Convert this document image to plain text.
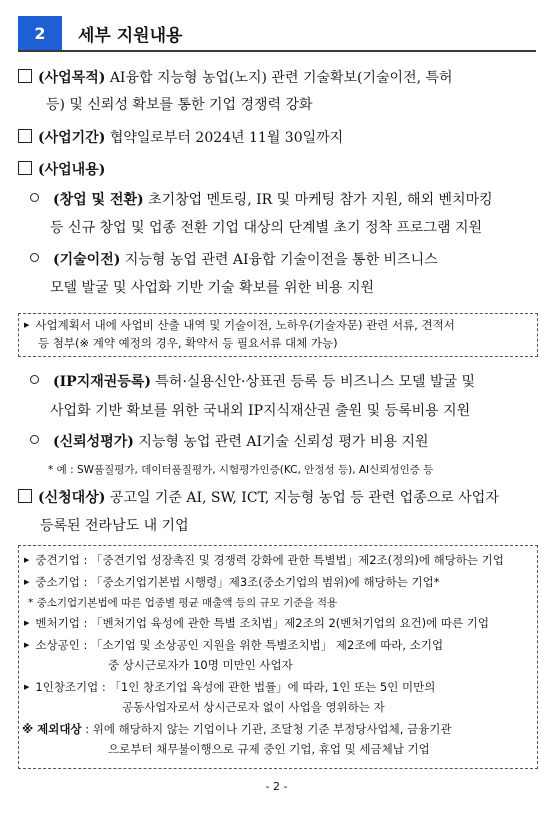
2	세부 지원내용
(사업목적) AI융합 지능형 농업(노지) 관련 기술확보(기술이전, 특허
등) 및 신뢰성 확보를 통한 기업 경쟁력 강화
(사업기간) 협약일로부터 2024년 11월 30일까지
(사업내용)
(창업 및 전환) 초기창업 멘토링, IR 및 마케팅 참가 지원, 해외 벤치마킹
등 신규 창업 및 업종 전환 기업 대상의 단계별 초기 정착 프로그램 지원
(기술이전) 지능형 농업 관련 AI융합 기술이전을 통한 비즈니스
모델 발굴 및 사업화 기반 기술 확보를 위한 비용 지원
▶ 사업계획서 내에 사업비 산출 내역 및 기술이전, 노하우(기술자문) 관련 서류, 견적서
등 첨부(※ 계약 예정의 경우, 확약서 등 필요서류 대체 가능)
(IP지재권등록) 특허·실용신안·상표권 등록 등 비즈니스 모델 발굴 및
사업화 기반 확보를 위한 국내외 IP지식재산권 출원 및 등록비용 지원
(신뢰성평가) 지능형 농업 관련 AI기술 신뢰성 평가 비용 지원
* 예 : SW품질평가, 데이터품질평가, 시험평가인증(KC, 안정성 등), AI신뢰성인증 등
(신청대상) 공고일 기준 AI, SW, ICT, 지능형 농업 등 관련 업종으로 사업자
등록된 전라남도 내 기업
▶ 중견기업 : 「중견기업 성장촉진 및 경쟁력 강화에 관한 특별법」제2조(정의)에 해당하는 기업
▶ 중소기업 : 「중소기업기본법 시행령」제3조(중소기업의 범위)에 해당하는 기업*
* 중소기업기본법에 따른 업종별 평균 매출액 등의 규모 기준을 적용
▶ 벤처기업 : 「벤처기업 육성에 관한 특별 조치법」제2조의 2(벤처기업의 요건)에 따른 기업
▶ 소상공인 : 「소기업 및 소상공인 지원을 위한 특별조치법」 제2조에 따라, 소기업
중 상시근로자가 10명 미만인 사업자
▶ 1인창조기업 : 「1인 창조기업 육성에 관한 법률」에 따라, 1인 또는 5인 미만의
공동사업자로서 상시근로자 없이 사업을 영위하는 자
※ 제외대상 : 위에 해당하지 않는 기업이나 기관, 조달청 기준 부정당사업체, 금융기관
으로부터 채무불이행으로 규제 중인 기업, 휴업 및 세금체납 기업
- 2 -
